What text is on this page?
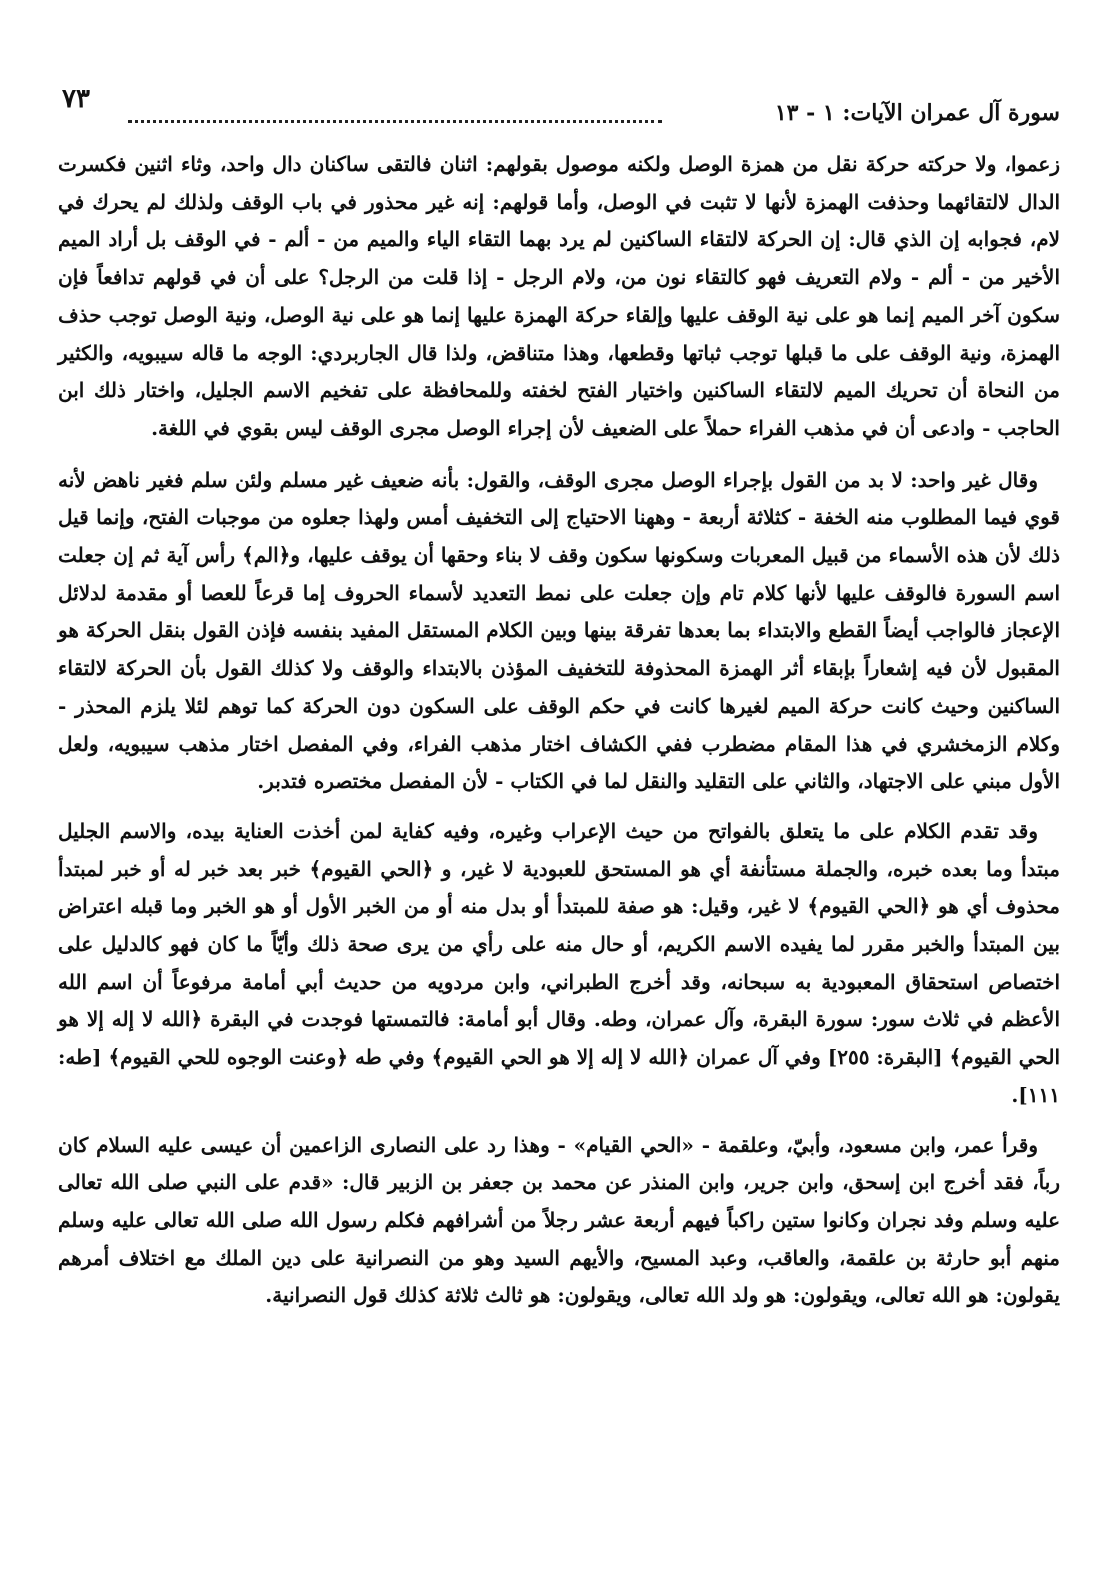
سورة آل عمران الآيات: ١ - ١٣
٧٣

زعموا، ولا حركته حركة نقل من همزة الوصل ولكنه موصول بقولهم: اثنان فالتقى ساكنان دال واحد، وثاء اثنين فكسرت الدال لالتقائهما وحذفت الهمزة لأنها لا تثبت في الوصل، وأما قولهم: إنه غير محذور في باب الوقف ولذلك لم يحرك في لام، فجوابه إن الذي قال: إن الحركة لالتقاء الساكنين لم يرد بهما التقاء الياء والميم من - ألم - في الوقف بل أراد الميم الأخير من - ألم - ولام التعريف فهو كالتقاء نون من، ولام الرجل - إذا قلت من الرجل؟ على أن في قولهم تدافعاً فإن سكون آخر الميم إنما هو على نية الوقف عليها وإلقاء حركة الهمزة عليها إنما هو على نية الوصل، ونية الوصل توجب حذف الهمزة، ونية الوقف على ما قبلها توجب ثباتها وقطعها، وهذا متناقض، ولذا قال الجاربردي: الوجه ما قاله سيبويه، والكثير من النحاة أن تحريك الميم لالتقاء الساكنين واختيار الفتح لخفته وللمحافظة على تفخيم الاسم الجليل، واختار ذلك ابن الحاجب - وادعى أن في مذهب الفراء حملاً على الضعيف لأن إجراء الوصل مجرى الوقف ليس بقوي في اللغة.

وقال غير واحد: لا بد من القول بإجراء الوصل مجرى الوقف، والقول: بأنه ضعيف غير مسلم ولئن سلم فغير ناهض لأنه قوي فيما المطلوب منه الخفة - كثلاثة أربعة - وههنا الاحتياج إلى التخفيف أمس ولهذا جعلوه من موجبات الفتح، وإنما قيل ذلك لأن هذه الأسماء من قبيل المعربات وسكونها سكون وقف لا بناء وحقها أن يوقف عليها، و﴿الم﴾ رأس آية ثم إن جعلت اسم السورة فالوقف عليها لأنها كلام تام وإن جعلت على نمط التعديد لأسماء الحروف إما قرعاً للعصا أو مقدمة لدلائل الإعجاز فالواجب أيضاً القطع والابتداء بما بعدها تفرقة بينها وبين الكلام المستقل المفيد بنفسه فإذن القول بنقل الحركة هو المقبول لأن فيه إشعاراً بإبقاء أثر الهمزة المحذوفة للتخفيف المؤذن بالابتداء والوقف ولا كذلك القول بأن الحركة لالتقاء الساكنين وحيث كانت حركة الميم لغيرها كانت في حكم الوقف على السكون دون الحركة كما توهم لئلا يلزم المحذر - وكلام الزمخشري في هذا المقام مضطرب ففي الكشاف اختار مذهب الفراء، وفي المفصل اختار مذهب سيبويه، ولعل الأول مبني على الاجتهاد، والثاني على التقليد والنقل لما في الكتاب - لأن المفصل مختصره فتدبر.

وقد تقدم الكلام على ما يتعلق بالفواتح من حيث الإعراب وغيره، وفيه كفاية لمن أخذت العناية بيده، والاسم الجليل مبتدأ وما بعده خبره، والجملة مستأنفة أي هو المستحق للعبودية لا غير، و ﴿الحي القيوم﴾ خبر بعد خبر له أو خبر لمبتدأ محذوف أي هو ﴿الحي القيوم﴾ لا غير، وقيل: هو صفة للمبتدأ أو بدل منه أو من الخبر الأول أو هو الخبر وما قبله اعتراض بين المبتدأ والخبر مقرر لما يفيده الاسم الكريم، أو حال منه على رأي من يرى صحة ذلك وأيّاً ما كان فهو كالدليل على اختصاص استحقاق المعبودية به سبحانه، وقد أخرج الطبراني، وابن مردويه من حديث أبي أمامة مرفوعاً أن اسم الله الأعظم في ثلاث سور: سورة البقرة، وآل عمران، وطه. وقال أبو أمامة: فالتمستها فوجدت في البقرة ﴿الله لا إله إلا هو الحي القيوم﴾ [البقرة: ٢٥٥] وفي آل عمران ﴿الله لا إله إلا هو الحي القيوم﴾ وفي طه ﴿وعنت الوجوه للحي القيوم﴾ [طه: ١١١].

وقرأ عمر، وابن مسعود، وأبيّ، وعلقمة - «الحي القيام» - وهذا رد على النصارى الزاعمين أن عيسى عليه السلام كان رباً، فقد أخرج ابن إسحق، وابن جرير، وابن المنذر عن محمد بن جعفر بن الزبير قال: «قدم على النبي صلى الله تعالى عليه وسلم وفد نجران وكانوا ستين راكباً فيهم أربعة عشر رجلاً من أشرافهم فكلم رسول الله صلى الله تعالى عليه وسلم منهم أبو حارثة بن علقمة، والعاقب، وعبد المسيح، والأيهم السيد وهو من النصرانية على دين الملك مع اختلاف أمرهم يقولون: هو الله تعالى، ويقولون: هو ولد الله تعالى، ويقولون: هو ثالث ثلاثة كذلك قول النصرانية.
